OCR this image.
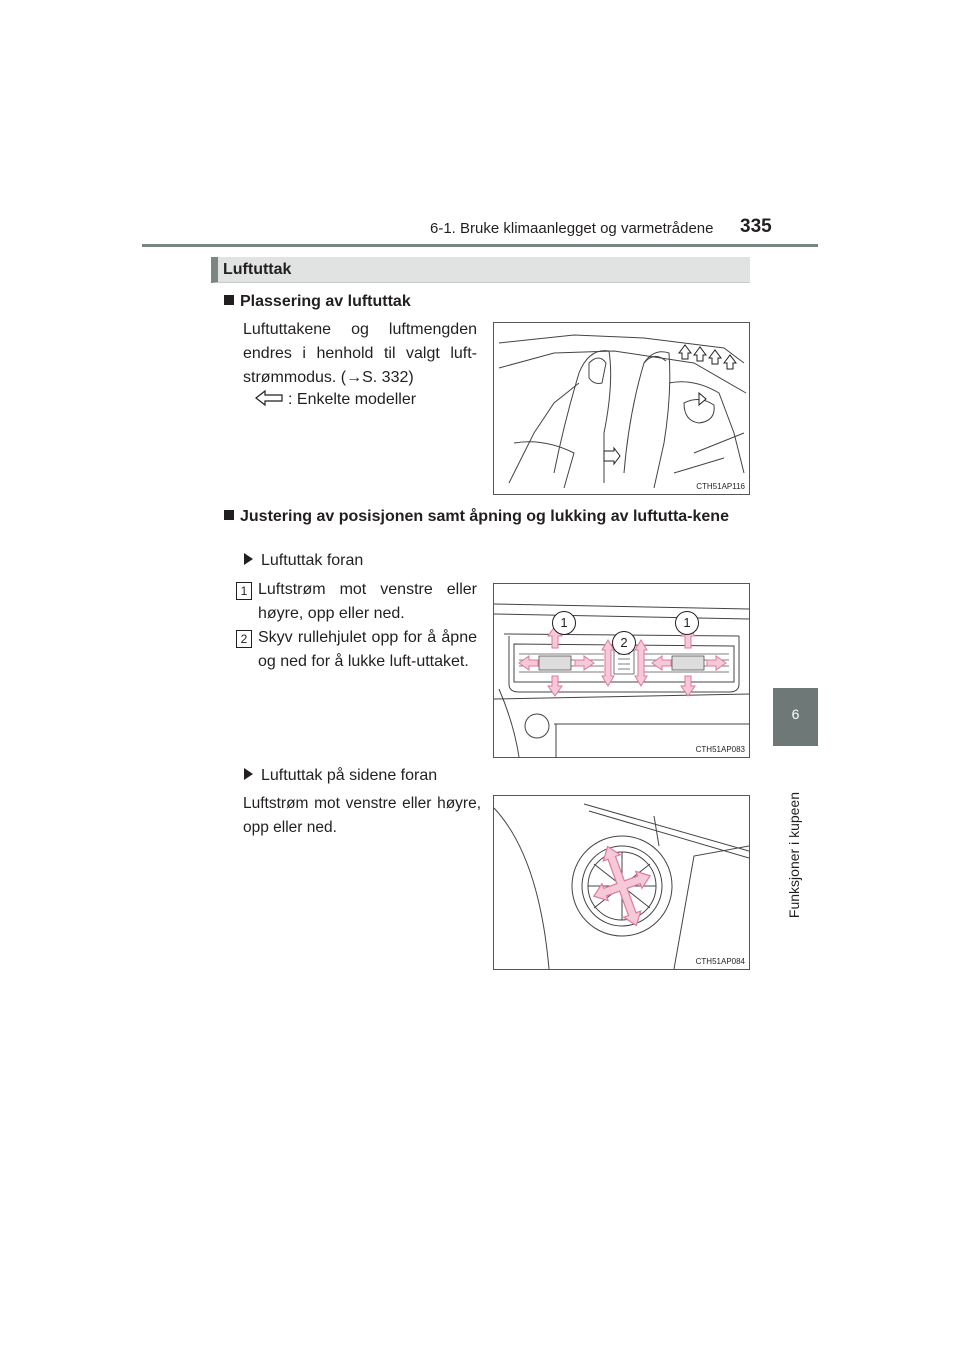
6-1. Bruke klimaanlegget og varmetrådene 335
6
Funksjoner i kupeen
Luftuttak
Plassering av luftuttak
Luftuttakene og luftmengden endres i henhold til valgt luft-strømmodus. (→S. 332)
: Enkelte modeller
CTH51AP116
Justering av posisjonen samt åpning og lukking av luftutta-kene
Luftuttak foran
1 Luftstrøm mot venstre eller høyre, opp eller ned.
2 Skyv rullehjulet opp for å åpne og ned for å lukke luft-uttaket.
1
2
1
CTH51AP083
Luftuttak på sidene foran
Luftstrøm mot venstre eller høyre, opp eller ned.
CTH51AP084
